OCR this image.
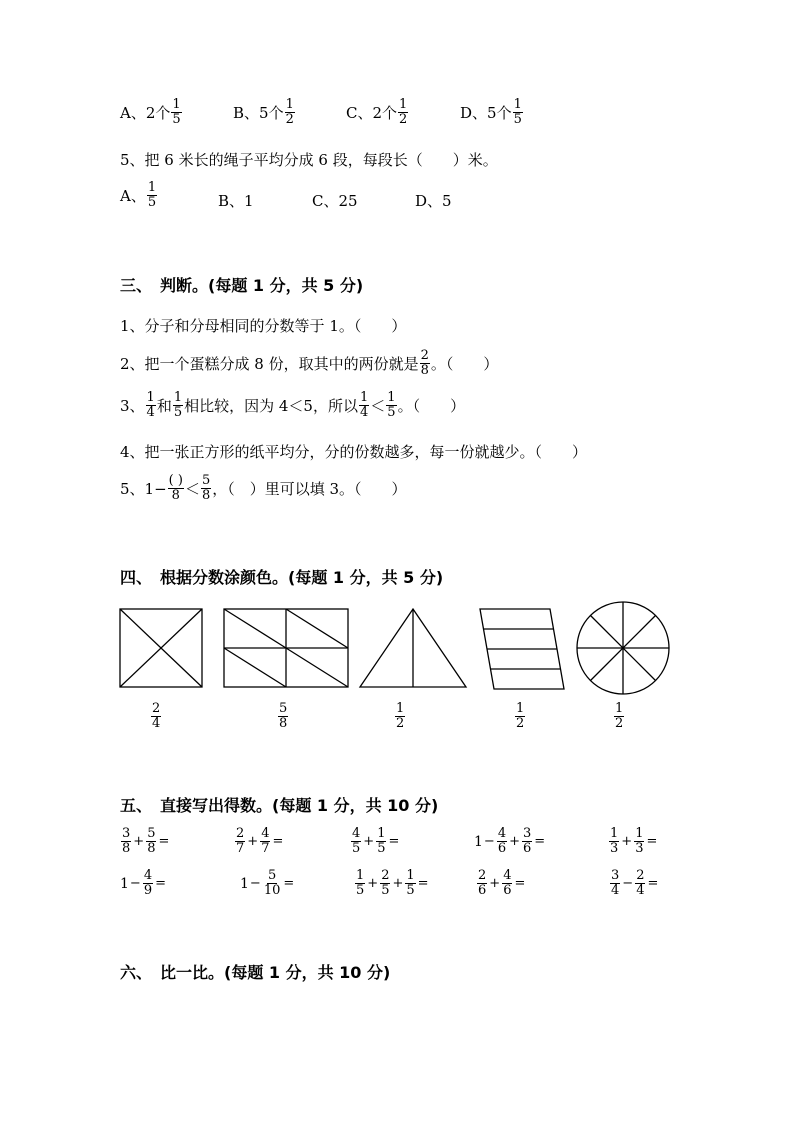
A、2个 $\frac{1}{5}$	B、5个 $\frac{1}{2}$	C、2个 $\frac{1}{2}$	D、5个 $\frac{1}{5}$
5、把 6 米长的绳子平均分成 6 段，每段长（　　）米。
A、 $\frac{1}{5}$	B、1	C、25	D、5
三、　判断。(每题 1 分，共 5 分)
1、分子和分母相同的分数等于 1。（　　）
2、把一个蛋糕分成 8 份，取其中的两份就是 $\frac{2}{8}$ 。（　　）
3、 $\frac{1}{4}$ 和 $\frac{1}{5}$ 相比较，因为 4＜5，所以 $\frac{1}{4} < \frac{1}{5}$ 。（　　）
4、把一张正方形的纸平均分，分的份数越多，每一份就越少。（　　）
5、$1- \frac{( )}{8} < \frac{5}{8}$ ，（　）里可以填 3。（　　）
四、　根据分数涂颜色。(每题 1 分，共 5 分)
$\frac{2}{4}$	$\frac{5}{8}$	$\frac{1}{2}$	$\frac{1}{2}$	$\frac{1}{2}$
五、　直接写出得数。(每题 1 分，共 10 分)
$\frac{3}{8} + \frac{5}{8}$ =	$\frac{2}{7} + \frac{4}{7}$ =	$\frac{4}{5} + \frac{1}{5}$ =	$1 - \frac{4}{6} + \frac{3}{6}$ =	$\frac{1}{3} + \frac{1}{3}$ =
$1 - \frac{4}{9}$ =	$1 - \frac{5}{10}$ =	$\frac{1}{5} + \frac{2}{5} + \frac{1}{5}$ =	$\frac{2}{6} + \frac{4}{6}$ =	$\frac{3}{4} - \frac{2}{4}$ =
六、　比一比。(每题 1 分，共 10 分)
